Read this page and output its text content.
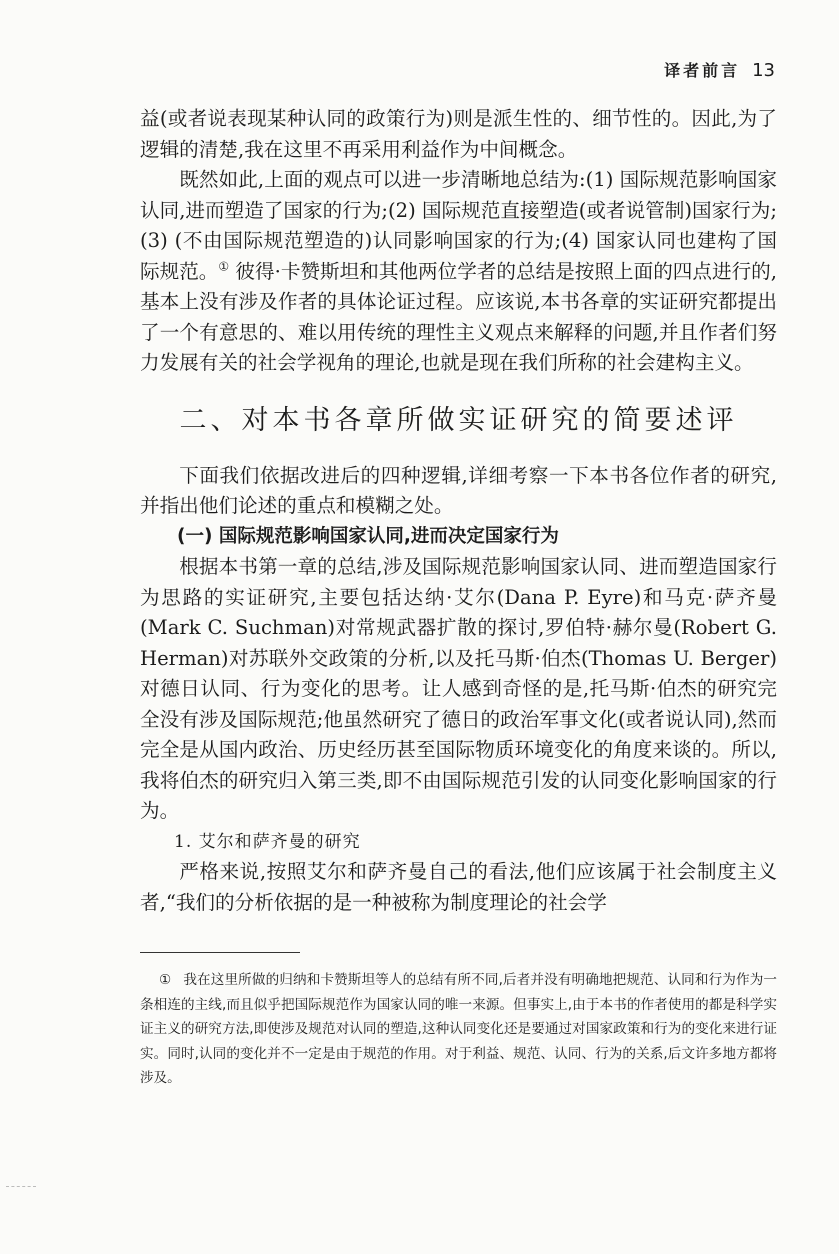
译者前言 13

益(或者说表现某种认同的政策行为)则是派生性的、细节性的。因此,为了逻辑的清楚,我在这里不再采用利益作为中间概念。

既然如此,上面的观点可以进一步清晰地总结为:(1) 国际规范影响国家认同,进而塑造了国家的行为;(2) 国际规范直接塑造(或者说管制)国家行为;(3) (不由国际规范塑造的)认同影响国家的行为;(4) 国家认同也建构了国际规范。① 彼得·卡赞斯坦和其他两位学者的总结是按照上面的四点进行的,基本上没有涉及作者的具体论证过程。应该说,本书各章的实证研究都提出了一个有意思的、难以用传统的理性主义观点来解释的问题,并且作者们努力发展有关的社会学视角的理论,也就是现在我们所称的社会建构主义。

二、对本书各章所做实证研究的简要述评

下面我们依据改进后的四种逻辑,详细考察一下本书各位作者的研究,并指出他们论述的重点和模糊之处。

(一) 国际规范影响国家认同,进而决定国家行为

根据本书第一章的总结,涉及国际规范影响国家认同、进而塑造国家行为思路的实证研究,主要包括达纳·艾尔(Dana P. Eyre)和马克·萨齐曼(Mark C. Suchman)对常规武器扩散的探讨,罗伯特·赫尔曼(Robert G. Herman)对苏联外交政策的分析,以及托马斯·伯杰(Thomas U. Berger)对德日认同、行为变化的思考。让人感到奇怪的是,托马斯·伯杰的研究完全没有涉及国际规范;他虽然研究了德日的政治军事文化(或者说认同),然而完全是从国内政治、历史经历甚至国际物质环境变化的角度来谈的。所以,我将伯杰的研究归入第三类,即不由国际规范引发的认同变化影响国家的行为。

1. 艾尔和萨齐曼的研究

严格来说,按照艾尔和萨齐曼自己的看法,他们应该属于社会制度主义者,“我们的分析依据的是一种被称为制度理论的社会学

① 我在这里所做的归纳和卡赞斯坦等人的总结有所不同,后者并没有明确地把规范、认同和行为作为一条相连的主线,而且似乎把国际规范作为国家认同的唯一来源。但事实上,由于本书的作者使用的都是科学实证主义的研究方法,即使涉及规范对认同的塑造,这种认同变化还是要通过对国家政策和行为的变化来进行证实。同时,认同的变化并不一定是由于规范的作用。对于利益、规范、认同、行为的关系,后文许多地方都将涉及。
